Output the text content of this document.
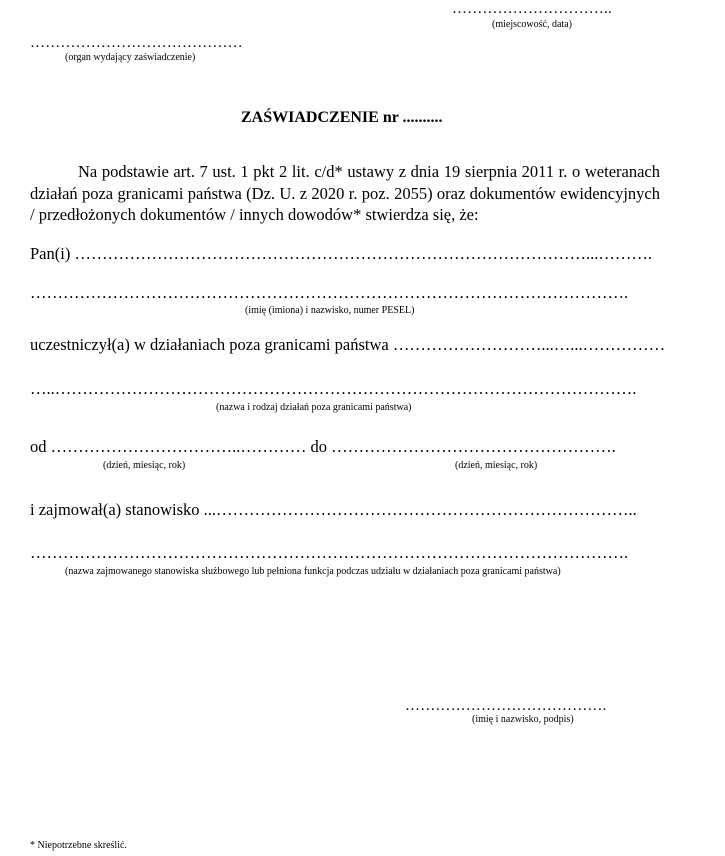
…………………………..
(miejscowość, data)
……………………………………
(organ wydający zaświadczenie)
ZAŚWIADCZENIE nr ..........
Na podstawie art. 7 ust. 1 pkt 2 lit. c/d* ustawy z dnia 19 sierpnia 2011 r. o weteranach działań poza granicami państwa (Dz. U. z 2020 r. poz. 2055) oraz dokumentów ewidencyjnych / przedłożonych dokumentów / innych dowodów* stwierdza się, że:
Pan(i) …………………………………………………………………………………...……….
……………………………………………………………………………………………….
(imię (imiona) i nazwisko, numer PESEL)
uczestniczył(a) w działaniach poza granicami państwa ………………………...…...……………
…..…………………………………………………………………………………………….
(nazwa i rodzaj działań poza granicami państwa)
od ……………………………..………… do …………………………………………….
(dzień, miesiąc, rok)	(dzień, miesiąc, rok)
i zajmował(a) stanowisko ...…………………………………………………………………..
……………………………………………………………………………………………….
(nazwa zajmowanego stanowiska służbowego lub pełniona funkcja podczas udziału w działaniach poza granicami państwa)
………………………………….
(imię i nazwisko, podpis)
* Niepotrzebne skreślić.
